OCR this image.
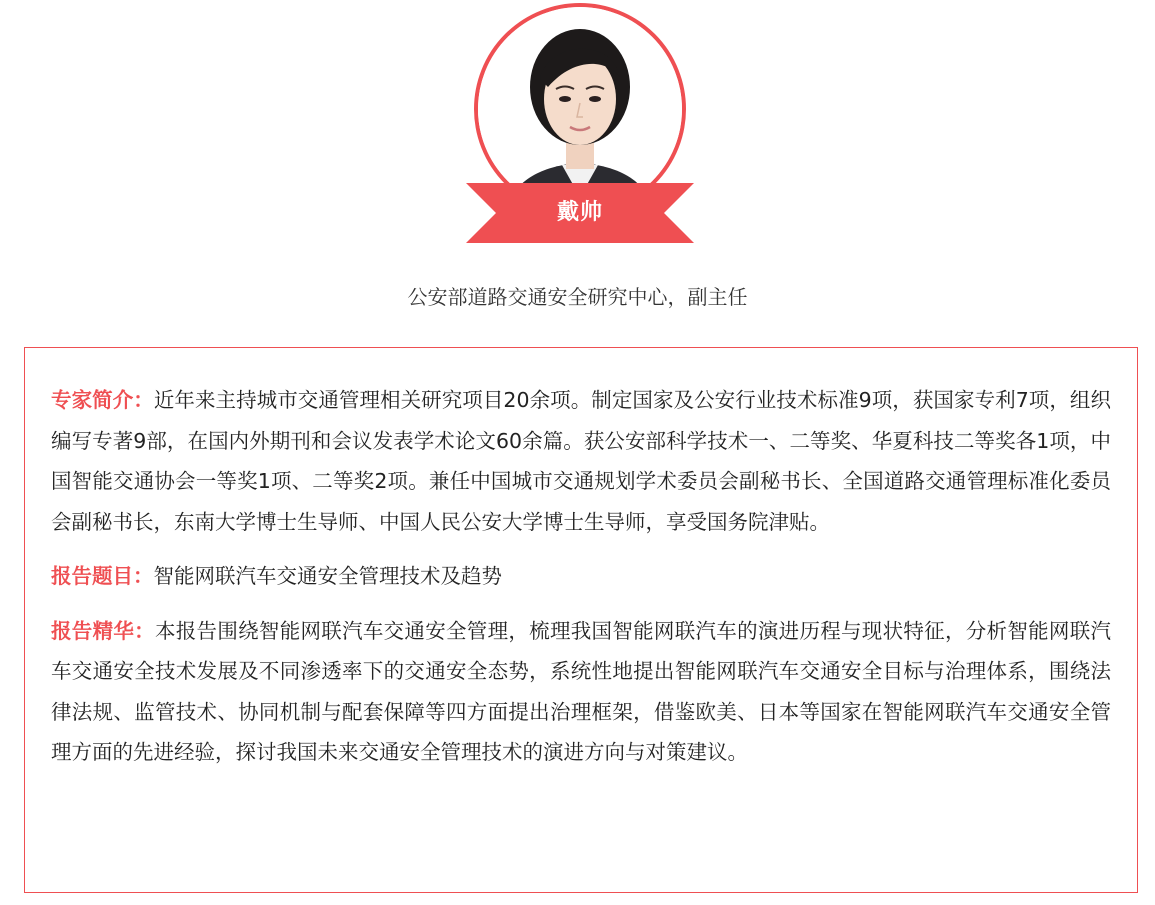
戴帅
公安部道路交通安全研究中心，副主任

专家简介：近年来主持城市交通管理相关研究项目20余项。制定国家及公安行业技术标准9项，获国家专利7项，组织编写专著9部，在国内外期刊和会议发表学术论文60余篇。获公安部科学技术一、二等奖、华夏科技二等奖各1项，中国智能交通协会一等奖1项、二等奖2项。兼任中国城市交通规划学术委员会副秘书长、全国道路交通管理标准化委员会副秘书长，东南大学博士生导师、中国人民公安大学博士生导师，享受国务院津贴。

报告题目：智能网联汽车交通安全管理技术及趋势

报告精华：本报告围绕智能网联汽车交通安全管理，梳理我国智能网联汽车的演进历程与现状特征，分析智能网联汽车交通安全技术发展及不同渗透率下的交通安全态势，系统性地提出智能网联汽车交通安全目标与治理体系，围绕法律法规、监管技术、协同机制与配套保障等四方面提出治理框架，借鉴欧美、日本等国家在智能网联汽车交通安全管理方面的先进经验，探讨我国未来交通安全管理技术的演进方向与对策建议。
